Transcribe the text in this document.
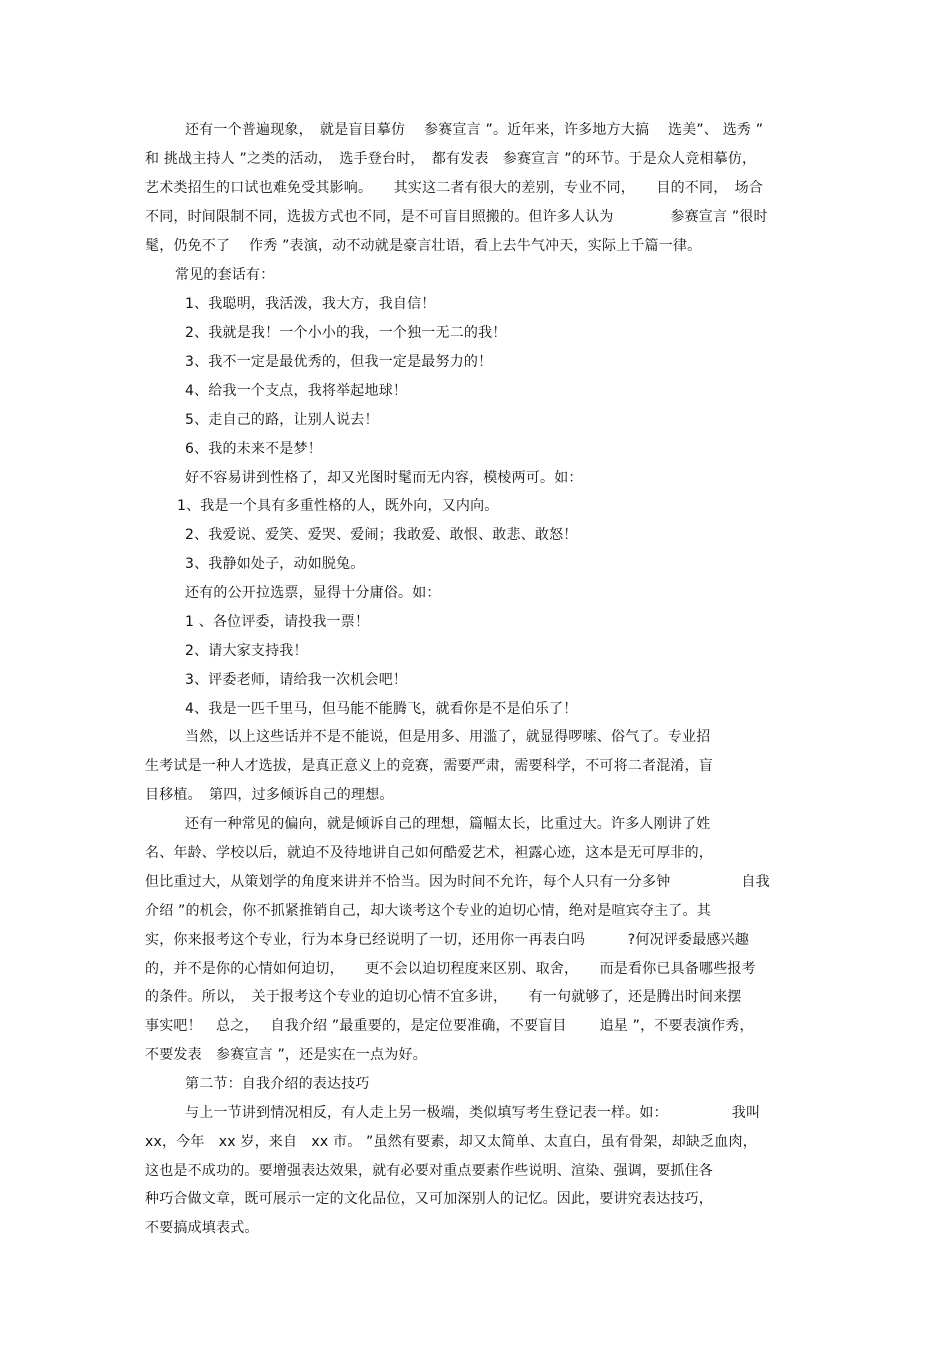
还有一个普遍现象，　就是盲目摹仿　 参赛宣言 ”。近年来，许多地方大搞　 选美”、 选秀 ”
和 挑战主持人 ”之类的活动，　选手登台时，　都有发表　参赛宣言 ”的环节。于是众人竞相摹仿，
艺术类招生的口试也难免受其影响。　　其实这二者有很大的差别，专业不同，　　目的不同，　场合
不同，时间限制不同，选拔方式也不同，是不可盲目照搬的。但许多人认为　　　　参赛宣言 ”很时
髦，仍免不了　 作秀 ”表演，动不动就是豪言壮语，看上去牛气冲天，实际上千篇一律。
常见的套话有：
1、我聪明，我活泼，我大方，我自信！
2、我就是我！一个小小的我，一个独一无二的我！
3、我不一定是最优秀的，但我一定是最努力的！
4、给我一个支点，我将举起地球！
5、走自己的路，让别人说去！
6、我的未来不是梦！
好不容易讲到性格了，却又光图时髦而无内容，模棱两可。如：
1、我是一个具有多重性格的人，既外向，又内向。
2、我爱说、爱笑、爱哭、爱闹；我敢爱、敢恨、敢悲、敢怒！
3、我静如处子，动如脱兔。
还有的公开拉选票，显得十分庸俗。如：
1 、各位评委，请投我一票！
2、请大家支持我！
3、评委老师，请给我一次机会吧！
4、我是一匹千里马，但马能不能腾飞，就看你是不是伯乐了！
当然，以上这些话并不是不能说，但是用多、用滥了，就显得啰嗦、俗气了。专业招
生考试是一种人才选拔，是真正意义上的竞赛，需要严肃，需要科学，不可将二者混淆，盲
目移植。　第四，过多倾诉自己的理想。
还有一种常见的偏向，就是倾诉自己的理想，篇幅太长，比重过大。许多人刚讲了姓
名、年龄、学校以后，就迫不及待地讲自己如何酷爱艺术，袒露心迹，这本是无可厚非的，
但比重过大，从策划学的角度来讲并不恰当。因为时间不允许，每个人只有一分多钟　　　　　自我
介绍 ”的机会，你不抓紧推销自己，却大谈考这个专业的迫切心情，绝对是喧宾夺主了。其
实，你来报考这个专业，行为本身已经说明了一切，还用你一再表白吗　　　?何况评委最感兴趣
的，并不是你的心情如何迫切，　　更不会以迫切程度来区别、取舍，　　而是看你已具备哪些报考
的条件。所以，　关于报考这个专业的迫切心情不宜多讲，　　有一句就够了，还是腾出时间来摆
事实吧！　总之，　 自我介绍 ”最重要的，是定位要准确，不要盲目　　 追星 ”，不要表演作秀，
不要发表　参赛宣言 ”，还是实在一点为好。
第二节：自我介绍的表达技巧
与上一节讲到情况相反，有人走上另一极端，类似填写考生登记表一样。如：　　　　　我叫
xx，今年　xx 岁，来自　xx 市。 ”虽然有要素，却又太简单、太直白，虽有骨架，却缺乏血肉，
这也是不成功的。要增强表达效果，就有必要对重点要素作些说明、渲染、强调，要抓住各
种巧合做文章，既可展示一定的文化品位，又可加深别人的记忆。因此，要讲究表达技巧，
不要搞成填表式。
